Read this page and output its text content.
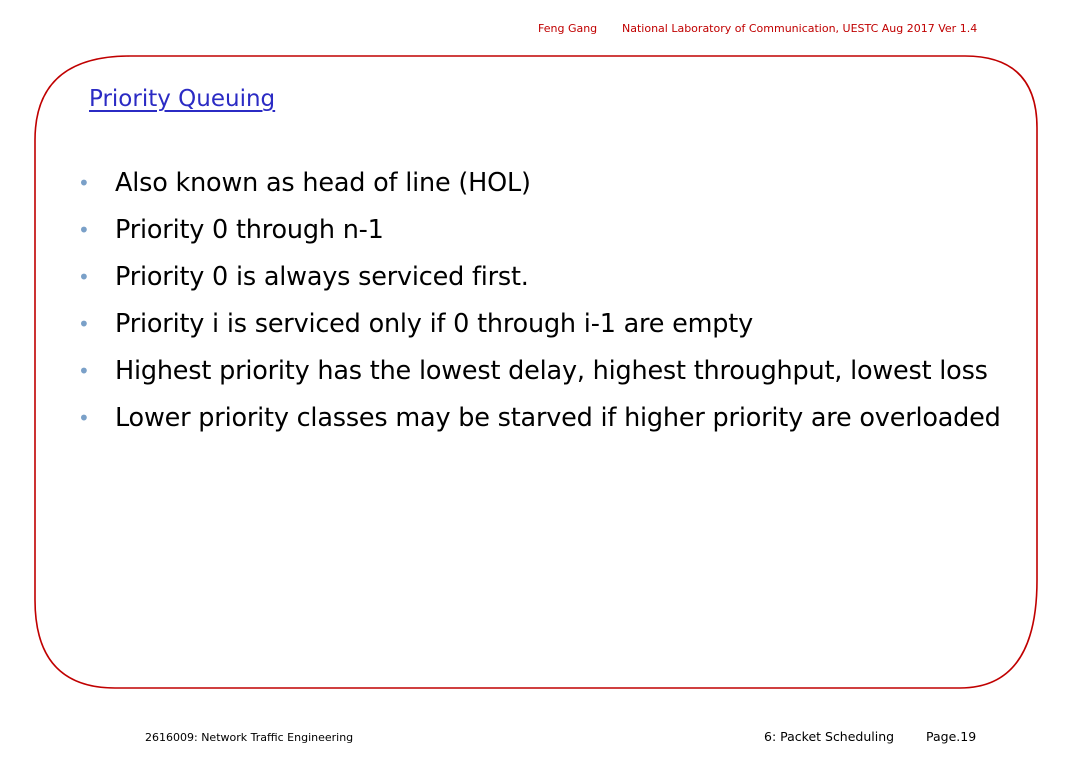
Feng Gang National Laboratory of Communication, UESTC Aug 2017 Ver 1.4
Priority Queuing
• Also known as head of line (HOL)
• Priority 0 through n-1
• Priority 0 is always serviced first.
• Priority i is serviced only if 0 through i-1 are empty
• Highest priority has the lowest delay, highest throughput, lowest loss
• Lower priority classes may be starved if higher priority are overloaded
2616009: Network Traffic Engineering	6: Packet Scheduling	Page.19
